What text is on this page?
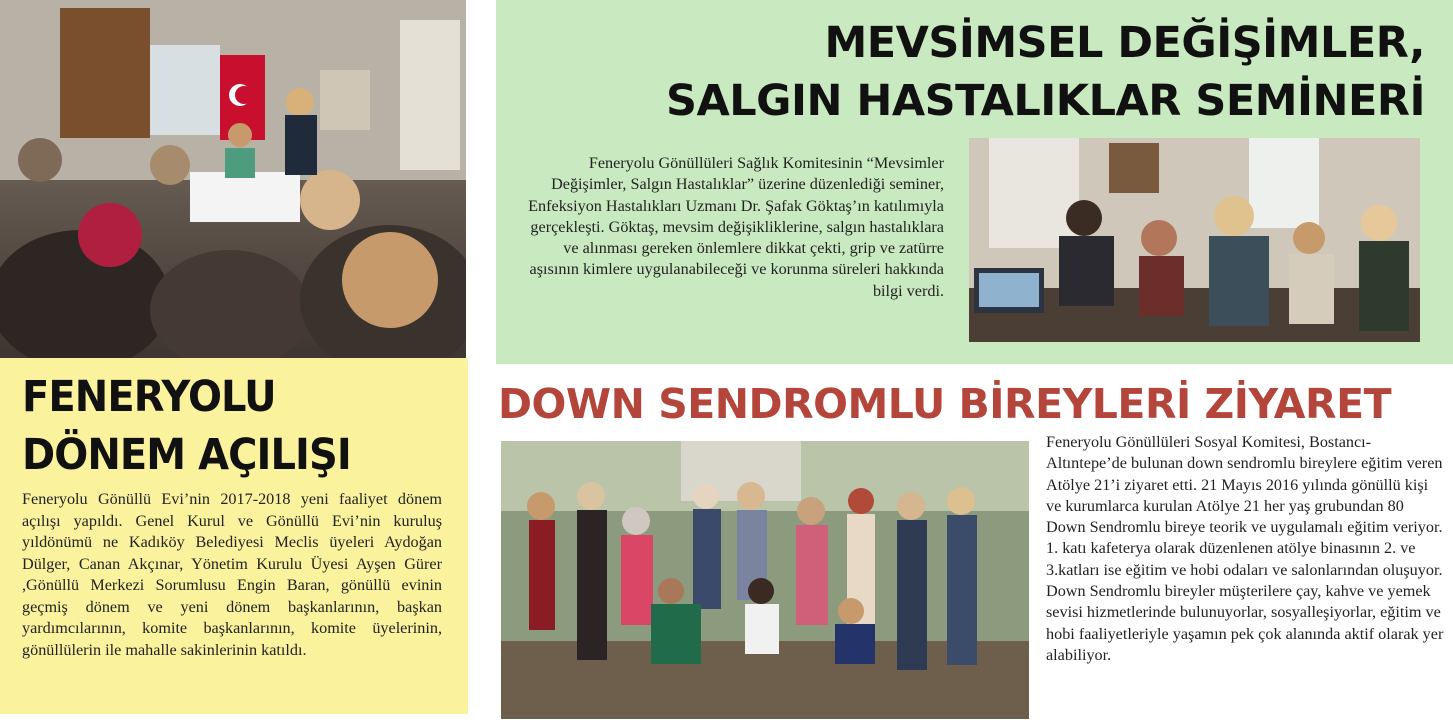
FENERYOLU
DÖNEM AÇILIŞI

Feneryolu Gönüllü Evi’nin 2017-2018 yeni faaliyet dönem açılışı yapıldı. Genel Kurul ve Gönüllü Evi’nin kuruluş yıldönümü ne Kadıköy Belediyesi Meclis üyeleri Aydoğan Dülger, Canan Akçınar, Yönetim Kurulu Üyesi Ayşen Gürer ,Gönüllü Merkezi Sorumlusu Engin Baran, gönüllü evinin geçmiş dönem ve yeni dönem başkanlarının, başkan yardımcılarının, komite başkanlarının, komite üyelerinin, gönüllülerin ile mahalle sakinlerinin katıldı.

MEVSİMSEL DEĞİŞİMLER,
SALGIN HASTALIKLAR SEMİNERİ

Feneryolu Gönüllüleri Sağlık Komitesinin “Mevsimler Değişimler, Salgın Hastalıklar” üzerine düzenlediği seminer, Enfeksiyon Hastalıkları Uzmanı Dr. Şafak Göktaş’ın katılımıyla gerçekleşti. Göktaş, mevsim değişikliklerine, salgın hastalıklara ve alınması gereken önlemlere dikkat çekti, grip ve zatürre aşısının kimlere uygulanabileceği ve korunma süreleri hakkında bilgi verdi.

DOWN SENDROMLU BİREYLERİ ZİYARET

Feneryolu Gönüllüleri Sosyal Komitesi, Bostancı-Altıntepe’de bulunan down sendromlu bireylere eğitim veren Atölye 21’i ziyaret etti. 21 Mayıs 2016 yılında gönüllü kişi ve kurumlarca kurulan Atölye 21 her yaş grubundan 80 Down Sendromlu bireye teorik ve uygulamalı eğitim veriyor. 1. katı kafeterya olarak düzenlenen atölye binasının 2. ve 3.katları ise eğitim ve hobi odaları ve salonlarından oluşuyor. Down Sendromlu bireyler müşterilere çay, kahve ve yemek sevisi hizmetlerinde bulunuyorlar, sosyalleşiyorlar, eğitim ve hobi faaliyetleriyle yaşamın pek çok alanında aktif olarak yer alabiliyor.
